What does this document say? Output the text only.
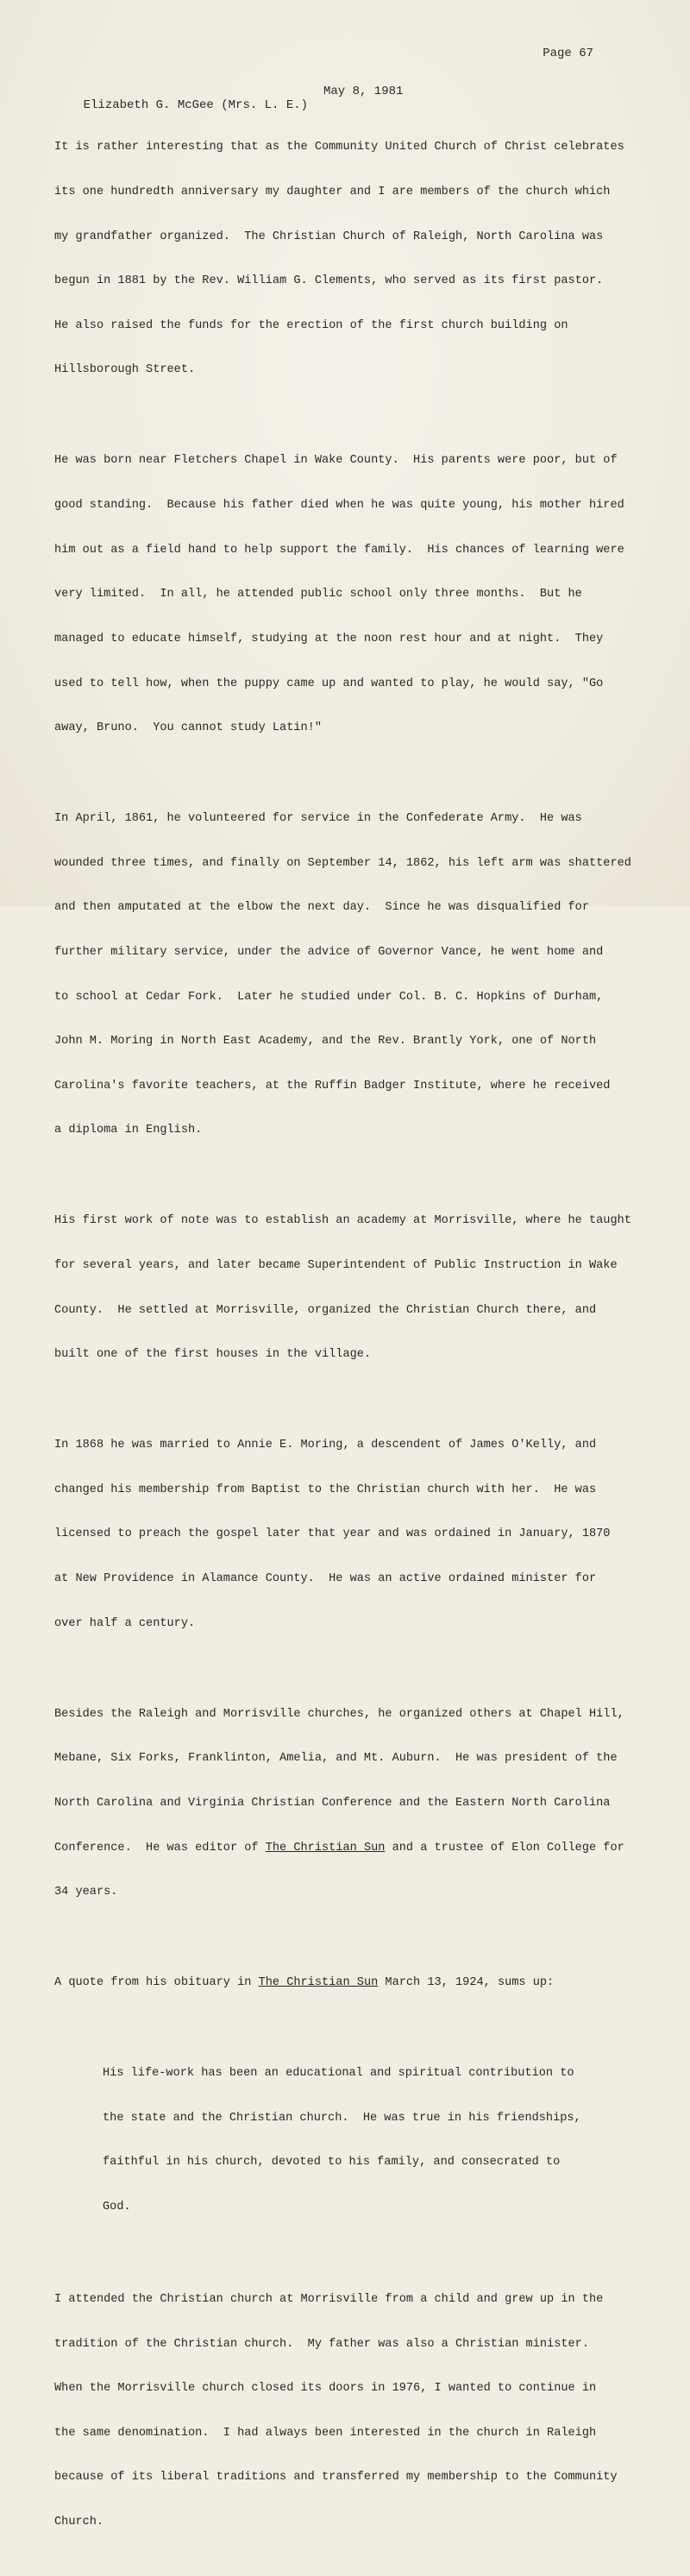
Page 67

Elizabeth G. McGee (Mrs. L. E.)

May 8, 1981

It is rather interesting that as the Community United Church of Christ celebrates

its one hundredth anniversary my daughter and I are members of the church which

my grandfather organized.  The Christian Church of Raleigh, North Carolina was

begun in 1881 by the Rev. William G. Clements, who served as its first pastor.

He also raised the funds for the erection of the first church building on

Hillsborough Street.

He was born near Fletchers Chapel in Wake County.  His parents were poor, but of

good standing.  Because his father died when he was quite young, his mother hired

him out as a field hand to help support the family.  His chances of learning were

very limited.  In all, he attended public school only three months.  But he

managed to educate himself, studying at the noon rest hour and at night.  They

used to tell how, when the puppy came up and wanted to play, he would say, "Go

away, Bruno.  You cannot study Latin!"

In April, 1861, he volunteered for service in the Confederate Army.  He was

wounded three times, and finally on September 14, 1862, his left arm was shattered

and then amputated at the elbow the next day.  Since he was disqualified for

further military service, under the advice of Governor Vance, he went home and

to school at Cedar Fork.  Later he studied under Col. B. C. Hopkins of Durham,

John M. Moring in North East Academy, and the Rev. Brantly York, one of North

Carolina's favorite teachers, at the Ruffin Badger Institute, where he received

a diploma in English.

His first work of note was to establish an academy at Morrisville, where he taught

for several years, and later became Superintendent of Public Instruction in Wake

County.  He settled at Morrisville, organized the Christian Church there, and

built one of the first houses in the village.

In 1868 he was married to Annie E. Moring, a descendent of James O'Kelly, and

changed his membership from Baptist to the Christian church with her.  He was

licensed to preach the gospel later that year and was ordained in January, 1870

at New Providence in Alamance County.  He was an active ordained minister for

over half a century.

Besides the Raleigh and Morrisville churches, he organized others at Chapel Hill,

Mebane, Six Forks, Franklinton, Amelia, and Mt. Auburn.  He was president of the

North Carolina and Virginia Christian Conference and the Eastern North Carolina

Conference.  He was editor of The Christian Sun and a trustee of Elon College for

34 years.

A quote from his obituary in The Christian Sun March 13, 1924, sums up:

His life-work has been an educational and spiritual contribution to

the state and the Christian church.  He was true in his friendships,

faithful in his church, devoted to his family, and consecrated to

God.

I attended the Christian church at Morrisville from a child and grew up in the

tradition of the Christian church.  My father was also a Christian minister.

When the Morrisville church closed its doors in 1976, I wanted to continue in

the same denomination.  I had always been interested in the church in Raleigh

because of its liberal traditions and transferred my membership to the Community

Church.
